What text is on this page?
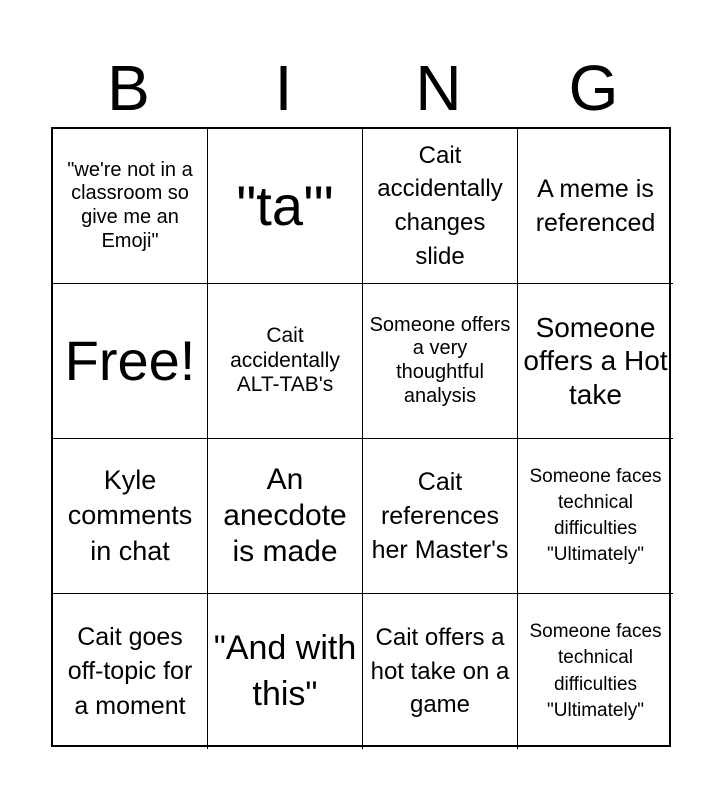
B	I	N	G
"we're not in a classroom so give me an Emoji"
"ta'"
Cait accidentally changes slide
A meme is referenced
Free!	Cait accidentally ALT-TAB's
Someone offers a very thoughtful analysis
Someone offers a Hot take
Kyle comments in chat
An anecdote is made
Cait references her Master's
Someone faces technical difficulties "Ultimately"
Cait goes off-topic for a moment
"And with this"
Cait offers a hot take on a game
Someone faces technical difficulties "Ultimately"
